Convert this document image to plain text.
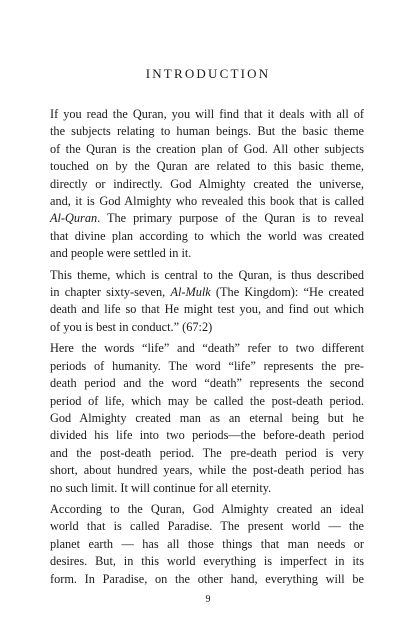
INTRODUCTION

If you read the Quran, you will find that it deals with all of
the subjects relating to human beings. But the basic theme
of the Quran is the creation plan of God. All other subjects
touched on by the Quran are related to this basic theme,
directly or indirectly. God Almighty created the universe,
and, it is God Almighty who revealed this book that is called
Al-Quran. The primary purpose of the Quran is to reveal
that divine plan according to which the world was created
and people were settled in it.

This theme, which is central to the Quran, is thus described
in chapter sixty-seven, Al-Mulk (The Kingdom): “He created
death and life so that He might test you, and find out which
of you is best in conduct.” (67:2)

Here the words “life” and “death” refer to two different
periods of humanity. The word “life” represents the pre-
death period and the word “death” represents the second
period of life, which may be called the post-death period.
God Almighty created man as an eternal being but he
divided his life into two periods—the before-death period
and the post-death period. The pre-death period is very
short, about hundred years, while the post-death period has
no such limit. It will continue for all eternity.

According to the Quran, God Almighty created an ideal
world that is called Paradise. The present world — the
planet earth — has all those things that man needs or
desires. But, in this world everything is imperfect in its
form. In Paradise, on the other hand, everything will be

9
